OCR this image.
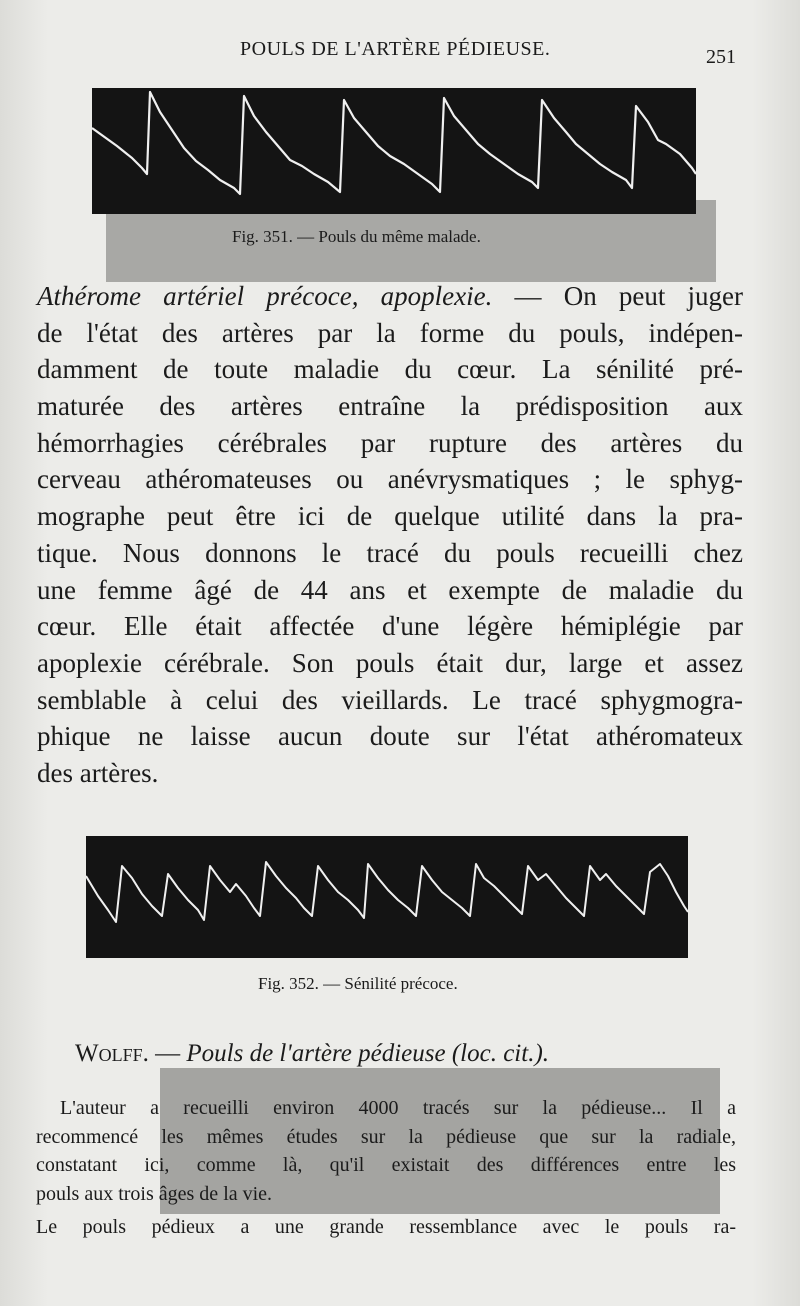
POULS DE L'ARTÈRE PÉDIEUSE.	251
Fig. 351. — Pouls du même malade.
Athérome artériel précoce, apoplexie. — On peut juger
de l'état des artères par la forme du pouls, indépen-
damment de toute maladie du cœur. La sénilité pré-
maturée des artères entraîne la prédisposition aux
hémorrhagies cérébrales par rupture des artères du
cerveau athéromateuses ou anévrysmatiques ; le sphyg-
mographe peut être ici de quelque utilité dans la pra-
tique. Nous donnons le tracé du pouls recueilli chez
une femme âgé de 44 ans et exempte de maladie du
cœur. Elle était affectée d'une légère hémiplégie par
apoplexie cérébrale. Son pouls était dur, large et assez
semblable à celui des vieillards. Le tracé sphygmogra-
phique ne laisse aucun doute sur l'état athéromateux
des artères.
Fig. 352. — Sénilité précoce.
Wolff. — Pouls de l'artère pédieuse (loc. cit.).
L'auteur a recueilli environ 4000 tracés sur la pédieuse... Il a
recommencé les mêmes études sur la pédieuse que sur la radiale,
constatant ici, comme là, qu'il existait des différences entre les
pouls aux trois âges de la vie.
Le pouls pédieux a une grande ressemblance avec le pouls ra-
